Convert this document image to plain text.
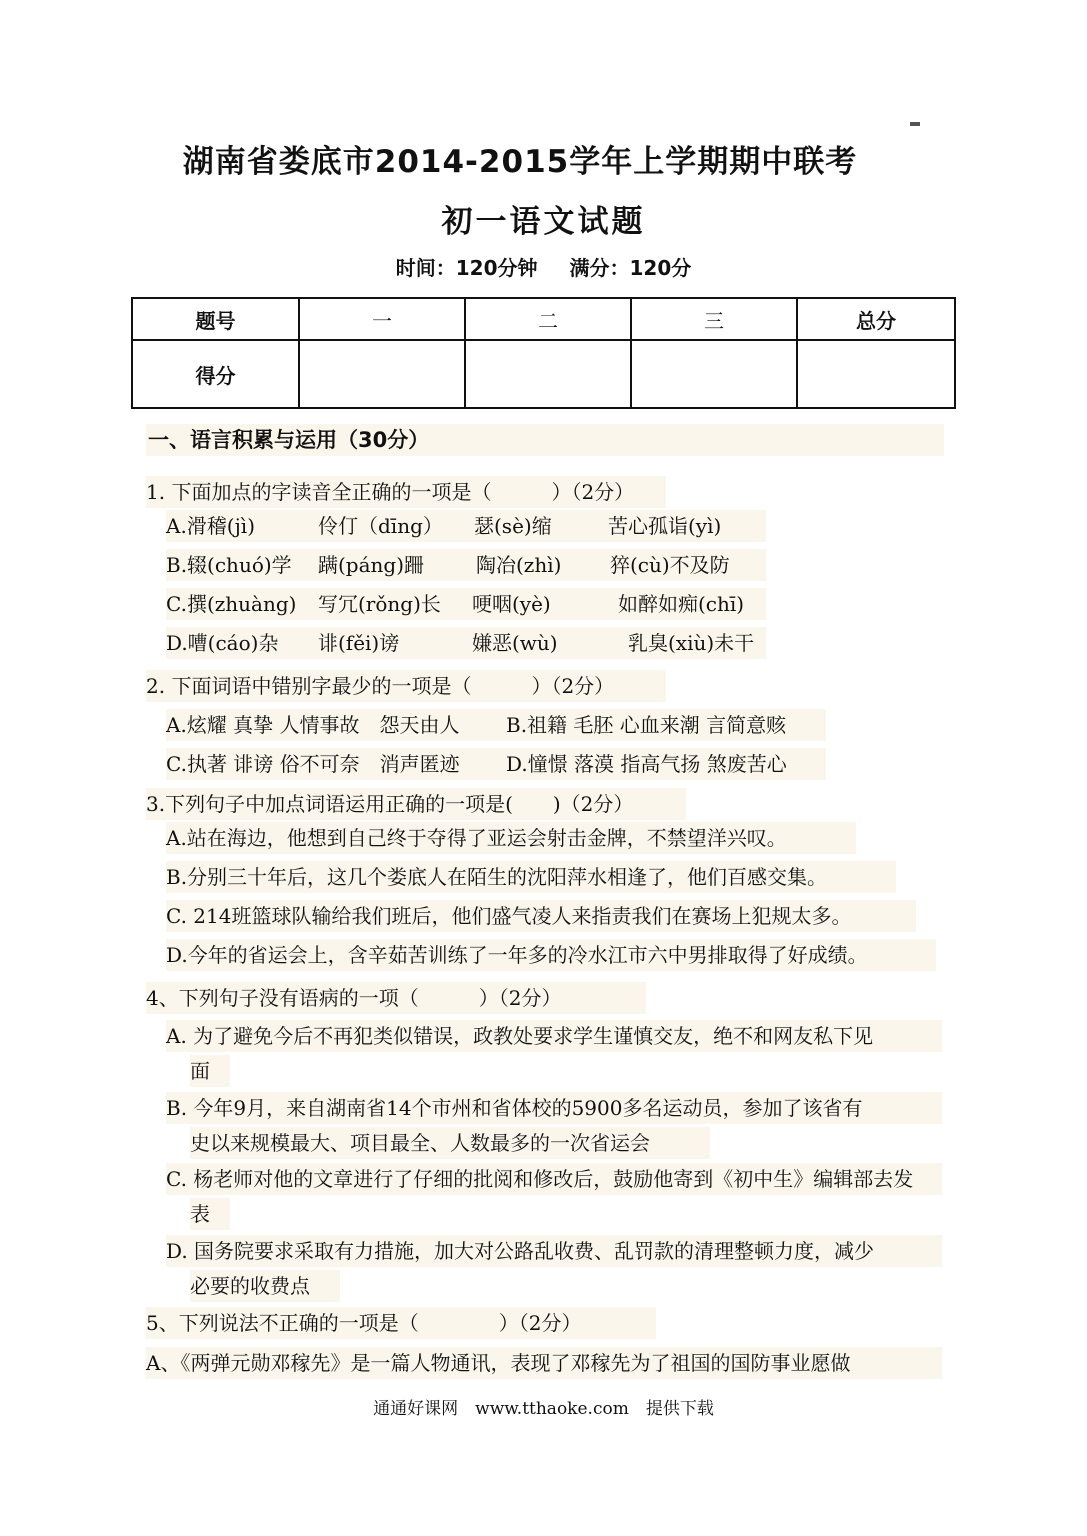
湖南省娄底市2014-2015学年上学期期中联考
初一语文试题
时间：120分钟 满分：120分
题号	一	二	三	总分
得分				
一、语言积累与运用（30分）
1. 下面加点的字读音全正确的一项是（　　　）（2分）
A.滑稽(jì)	伶仃（dīng） 瑟(sè)缩	苦心孤诣(yì)
B.辍(chuó)学 蹒(páng)跚	陶冶(zhì) 猝(cù)不及防
C.撰(zhuàng) 写冗(rǒng)长 哽咽(yè)	如醉如痴(chī)
D.嘈(cáo)杂 诽(fěi)谤	嫌恶(wù)	乳臭(xiù)未干
2. 下面词语中错别字最少的一项是（　　　）（2分）
A.炫耀 真挚 人情事故　怨天由人 B.祖籍 毛胚 心血来潮 言简意赅
C.执著 诽谤 俗不可奈　消声匿迹 D.憧憬 落漠 指高气扬 煞废苦心
3.下列句子中加点词语运用正确的一项是(　　)（2分）
A.站在海边，他想到自己终于夺得了亚运会射击金牌，不禁望洋兴叹。
B.分别三十年后，这几个娄底人在陌生的沈阳萍水相逢了，他们百感交集。
C. 214班篮球队输给我们班后，他们盛气凌人来指责我们在赛场上犯规太多。
D.今年的省运会上，含辛茹苦训练了一年多的冷水江市六中男排取得了好成绩。
4、下列句子没有语病的一项（　　　）（2分）
A. 为了避免今后不再犯类似错误，政教处要求学生谨慎交友，绝不和网友私下见
面
B. 今年9月，来自湖南省14个市州和省体校的5900多名运动员，参加了该省有
史以来规模最大、项目最全、人数最多的一次省运会
C. 杨老师对他的文章进行了仔细的批阅和修改后，鼓励他寄到《初中生》编辑部去发
表
D. 国务院要求采取有力措施，加大对公路乱收费、乱罚款的清理整顿力度，减少
必要的收费点
5、下列说法不正确的一项是（　　　　）（2分）
A、《两弹元勋邓稼先》是一篇人物通讯，表现了邓稼先为了祖国的国防事业愿做
通通好课网　www.tthaoke.com　提供下载
